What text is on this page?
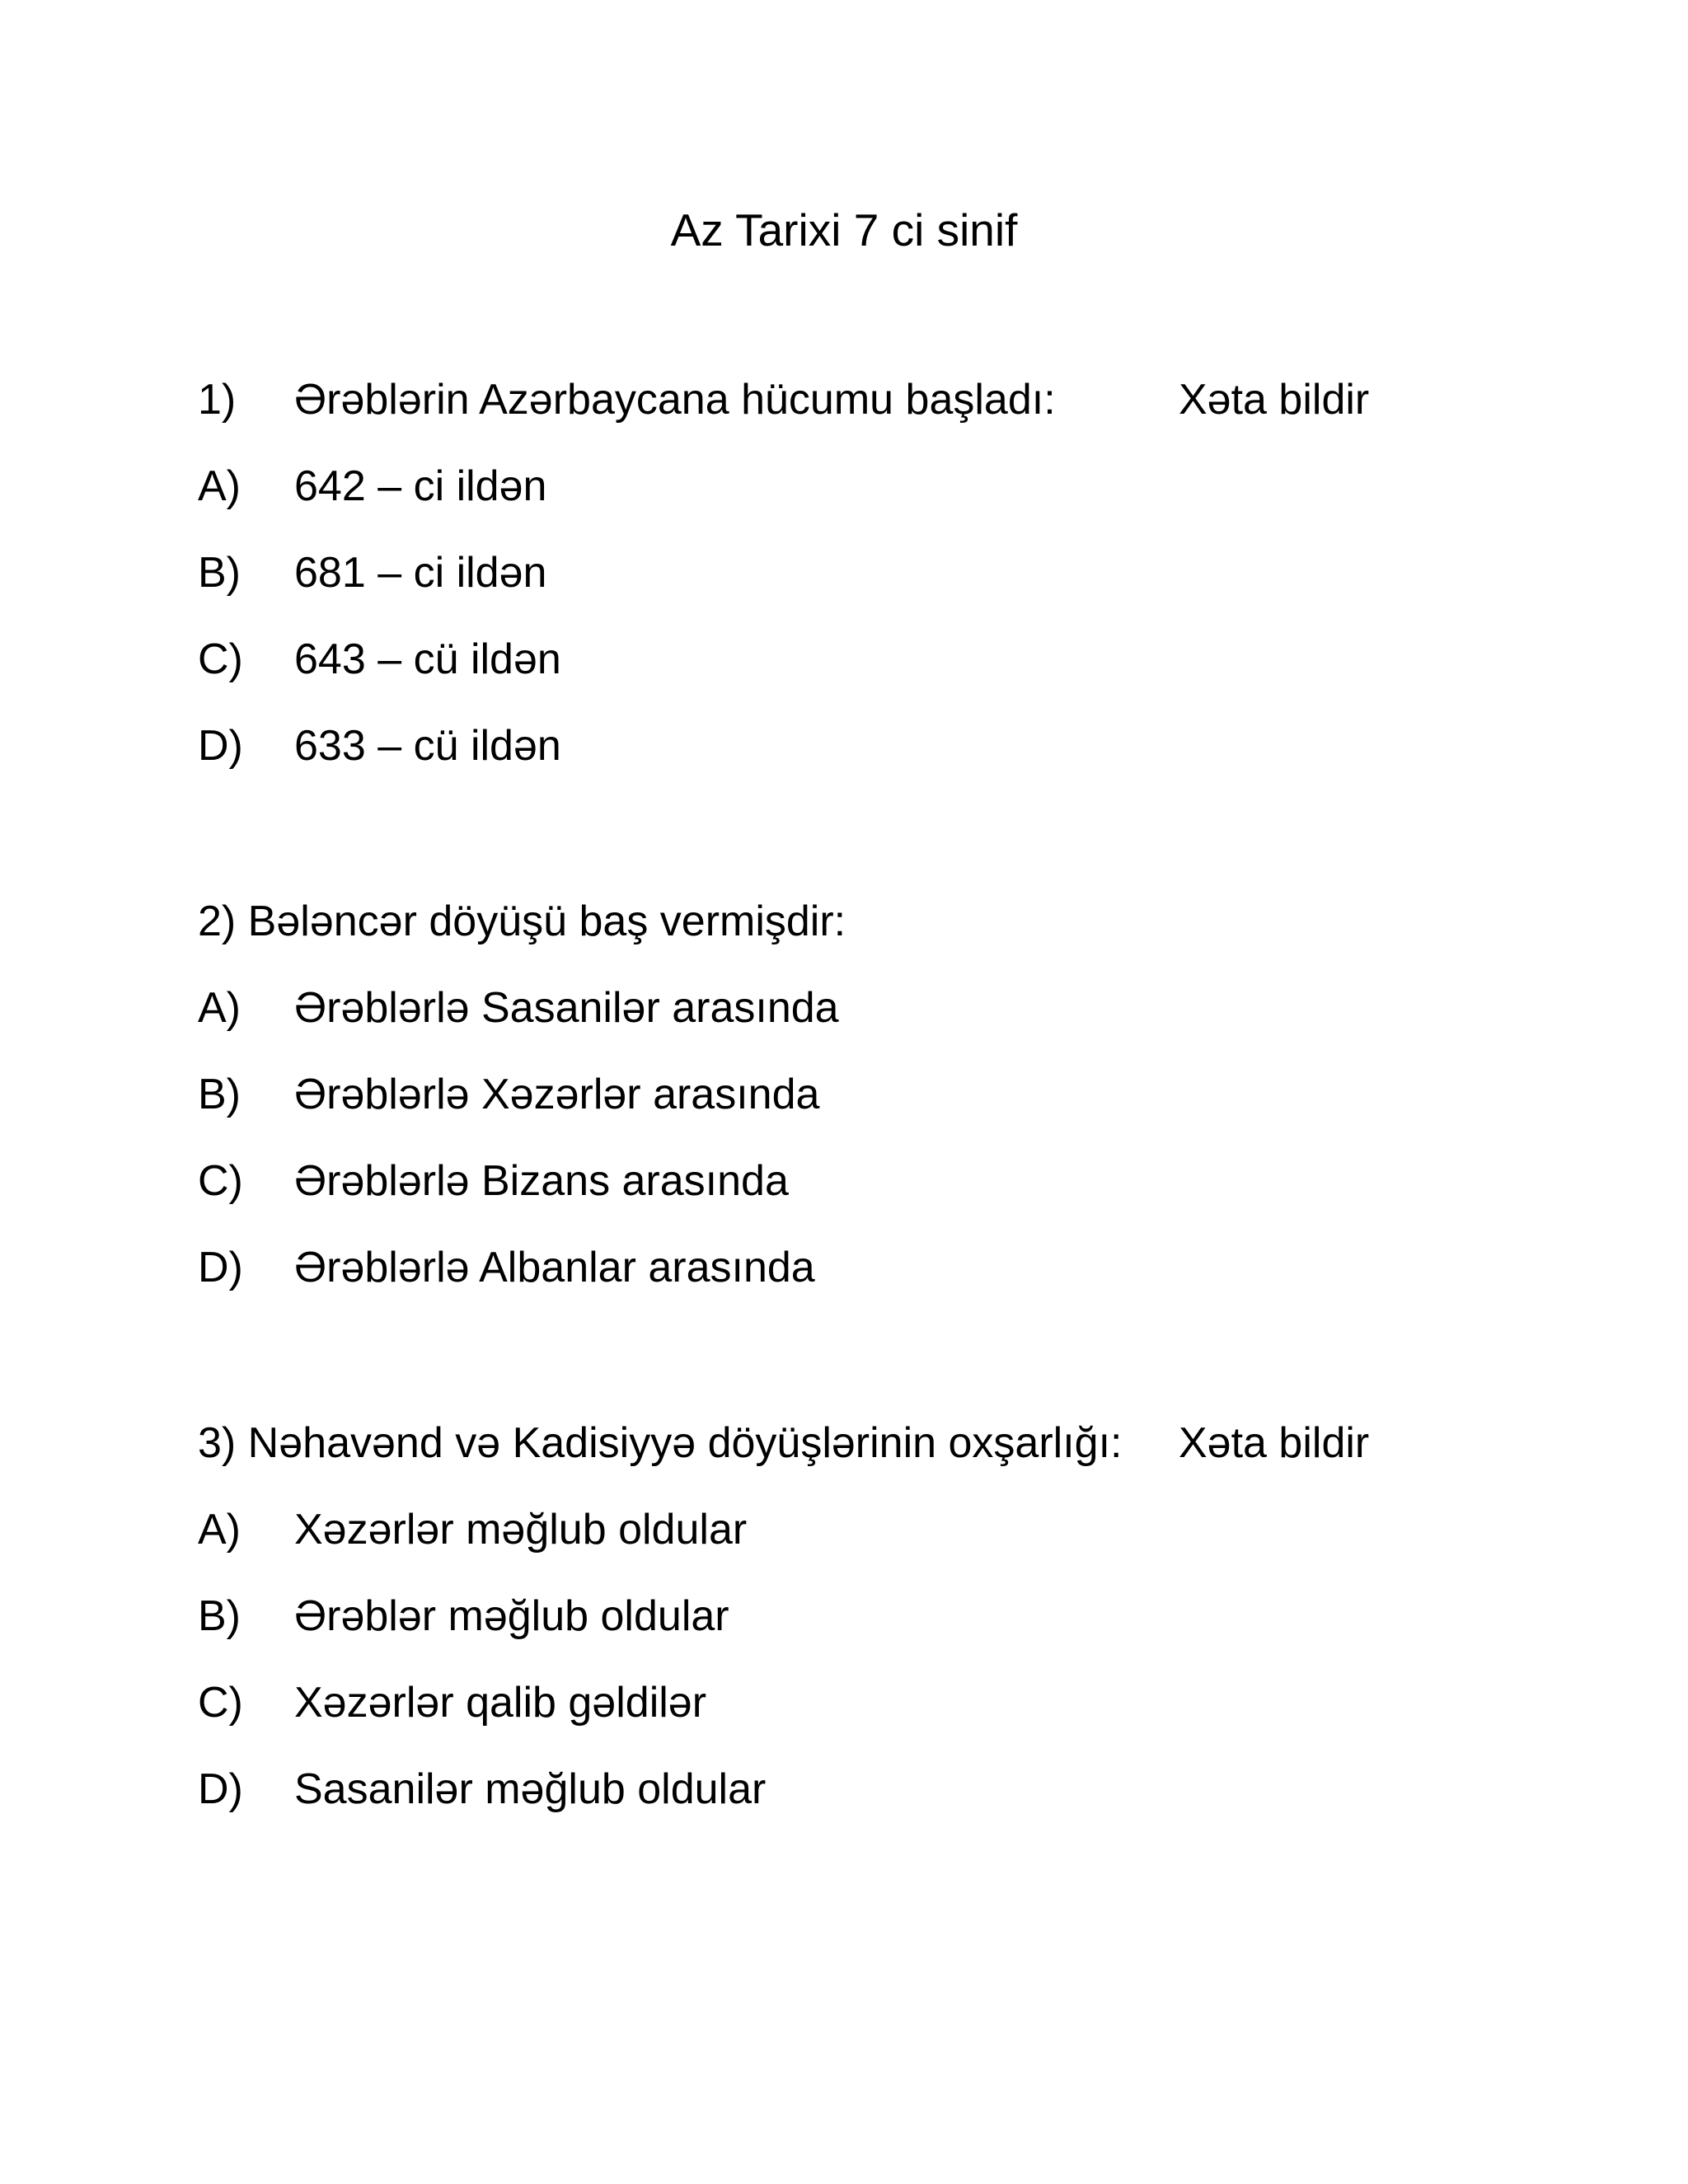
Az Tarixi 7 ci sinif
1) Ərəblərin Azərbaycana hücumu başladı:	Xəta bildir
A) 642 – ci ildən
B) 681 – ci ildən
C) 643 – cü ildən
D) 633 – cü ildən
2) Bələncər döyüşü baş vermişdir:
A) Ərəblərlə Sasanilər arasında
B) Ərəblərlə Xəzərlər arasında
C) Ərəblərlə Bizans arasında
D) Ərəblərlə Albanlar arasında
3) Nəhavənd və Kadisiyyə döyüşlərinin oxşarlığı: Xəta bildir
A) Xəzərlər məğlub oldular
B) Ərəblər məğlub oldular
C) Xəzərlər qalib gəldilər
D) Sasanilər məğlub oldular
